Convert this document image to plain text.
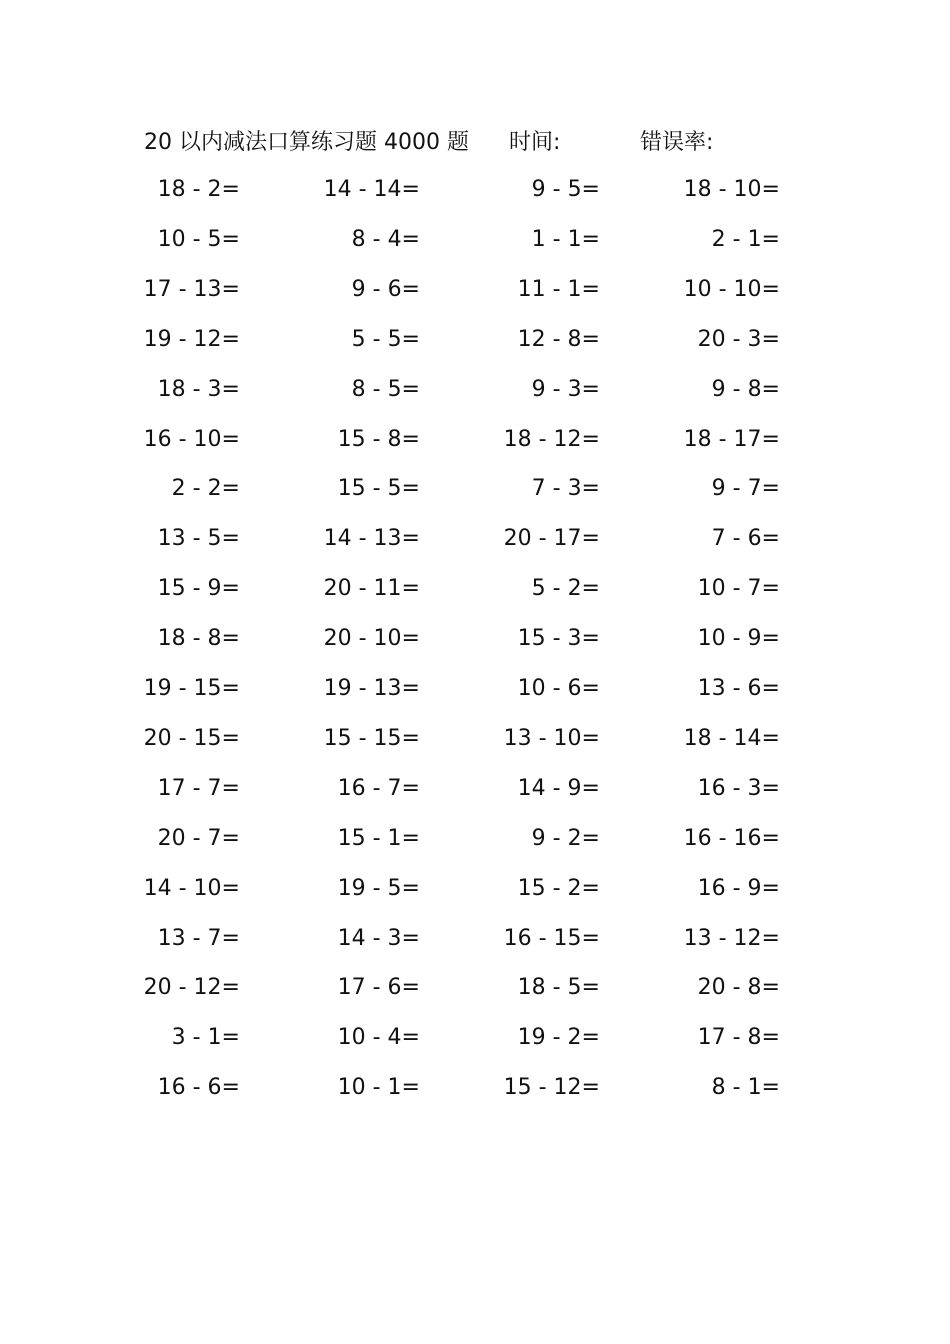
20 以内减法口算练习题 4000 题 时间:	错误率:
18 - 2=	14 - 14=	9 - 5=	18 - 10=
10 - 5=	8 - 4=	1 - 1=	2 - 1=
17 - 13=	9 - 6=	11 - 1=	10 - 10=
19 - 12=	5 - 5=	12 - 8=	20 - 3=
18 - 3=	8 - 5=	9 - 3=	9 - 8=
16 - 10=	15 - 8=	18 - 12=	18 - 17=
2 - 2=	15 - 5=	7 - 3=	9 - 7=
13 - 5=	14 - 13=	20 - 17=	7 - 6=
15 - 9=	20 - 11=	5 - 2=	10 - 7=
18 - 8=	20 - 10=	15 - 3=	10 - 9=
19 - 15=	19 - 13=	10 - 6=	13 - 6=
20 - 15=	15 - 15=	13 - 10=	18 - 14=
17 - 7=	16 - 7=	14 - 9=	16 - 3=
20 - 7=	15 - 1=	9 - 2=	16 - 16=
14 - 10=	19 - 5=	15 - 2=	16 - 9=
13 - 7=	14 - 3=	16 - 15=	13 - 12=
20 - 12=	17 - 6=	18 - 5=	20 - 8=
3 - 1=	10 - 4=	19 - 2=	17 - 8=
16 - 6=	10 - 1=	15 - 12=	8 - 1=
